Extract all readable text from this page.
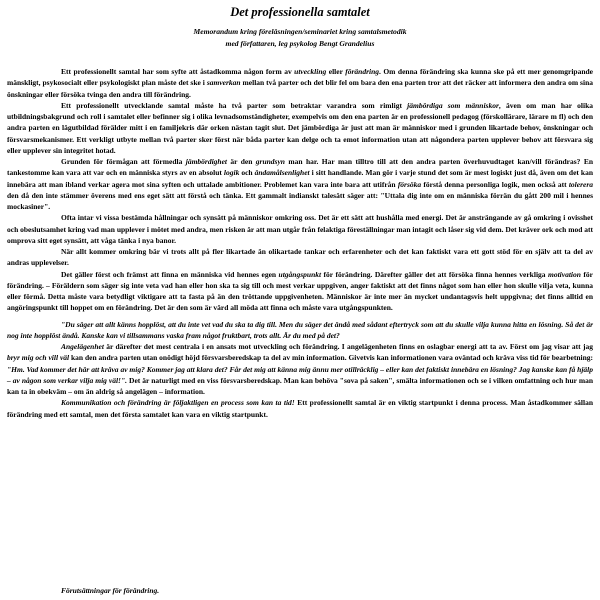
Det professionella samtalet
Memorandum kring föreläsningen/seminariet kring samtalsmetodik
med författaren, leg psykolog Bengt Grandelius

Ett professionellt samtal har som syfte att åstadkomma någon form av utveckling eller förändring. Om denna förändring ska kunna ske på ett mer genomgripande mänskligt, psykosocialt eller psykologiskt plan måste det ske i samverkan mellan två parter och det blir fel om bara den ena parten tror att det räcker att informera den andra om sina önskningar eller försöka tvinga den andra till förändring.

Ett professionellt utvecklande samtal måste ha två parter som betraktar varandra som rimligt jämbördiga som människor, även om man har olika utbildningsbakgrund och roll i samtalet eller befinner sig i olika levnadsomständigheter, exempelvis om den ena parten är en professionell pedagog (förskollärare, lärare m fl) och den andra parten en lägutbildad förälder mitt i en familjekris där orken nästan tagit slut. Det jämbördiga är just att man är människor med i grunden likartade behov, önskningar och försvarsmekanismer. Ett verkligt utbyte mellan två parter sker först när båda parter kan delge och ta emot information utan att någondera parten upplever behov att försvara sig eller upplever sin integritet hotad.

Grunden för förmågan att förmedla jämbördighet är den grundsyn man har. Har man tilltro till att den andra parten överhuvudtaget kan/vill förändras? En tankestomme kan vara att var och en människa styrs av en absolut logik och ändamålsenlighet i sitt handlande. Man gör i varje stund det som är mest logiskt just då, även om det kan innebära att man ibland verkar agera mot sina syften och uttalade ambitioner. Problemet kan vara inte bara att utifrån försöka förstå denna personliga logik, men också att tolerera den då den inte stämmer överens med ens eget sätt att förstå och tänka. Ett gammalt indianskt talesätt säger att: "Uttala dig inte om en människa förrän du gått 200 mil i hennes mockasiner".

Ofta intar vi vissa bestämda hållningar och synsätt på människor omkring oss. Det är ett sätt att hushålla med energi. Det är ansträngande av gå omkring i ovisshet och obeslutsamhet kring vad man upplever i mötet med andra, men risken är att man utgår från felaktiga föreställningar man intagit och låser sig vid dem. Det kräver ork och mod att omprova sitt eget synsätt, att våga tänka i nya banor.

När allt kommer omkring bär vi trots allt på fler likartade än olikartade tankar och erfarenheter och det kan faktiskt vara ett gott stöd för en själv att ta del av andras upplevelser.

Det gäller först och främst att finna en människa vid hennes egen utgångspunkt för förändring. Därefter gäller det att försöka finna hennes verkliga motivation för förändring. – Föräldern som säger sig inte veta vad han eller hon ska ta sig till och mest verkar uppgiven, anger faktiskt att det finns något som han eller hon skulle vilja veta, kunna eller förmå. Detta måste vara betydligt viktigare att ta fasta på än den tröttande uppgivenheten. Människor är inte mer än mycket undantagsvis helt uppgivna; det finns alltid en angöringspunkt till hoppet om en förändring. Det är den som är värd all möda att finna och måste vara utgångspunkten.

"Du säger att allt känns hopplöst, att du inte vet vad du ska ta dig till. Men du säger det ändå med sådant eftertryck som att du skulle vilja kunna hitta en lösning. Så det är nog inte hopplöst ändå. Kanske kan vi tillsammans vaska fram något fruktbart, trots allt. Är du med på det?

Angelägenhet är därefter det mest centrala i en ansats mot utveckling och förändring. I angelägenheten finns en oslagbar energi att ta av. Först om jag visar att jag bryr mig och vill väl kan den andra parten utan onödigt höjd försvarsberedskap ta del av min information. Givetvis kan informationen vara oväntad och kräva viss tid för bearbetning: "Hm. Vad kommer det här att kräva av mig? Kommer jag att klara det? Får det mig att känna mig ännu mer otillräcklig – eller kan det faktiskt innebära en lösning? Jag kanske kan få hjälp – av någon som verkar vilja mig väl!". Det är naturligt med en viss försvarsberedskap. Man kan behöva "sova på saken", smälta informationen och se i vilken omfattning och hur man kan ta in obekväm – om än aldrig så angelägen – information.

Kommunikation och förändring är följaktligen en process som kan ta tid! Ett professionellt samtal är en viktig startpunkt i denna process. Man åstadkommer sällan förändring med ett samtal, men det första samtalet kan vara en viktig startpunkt.

Förutsättningar för förändring.
